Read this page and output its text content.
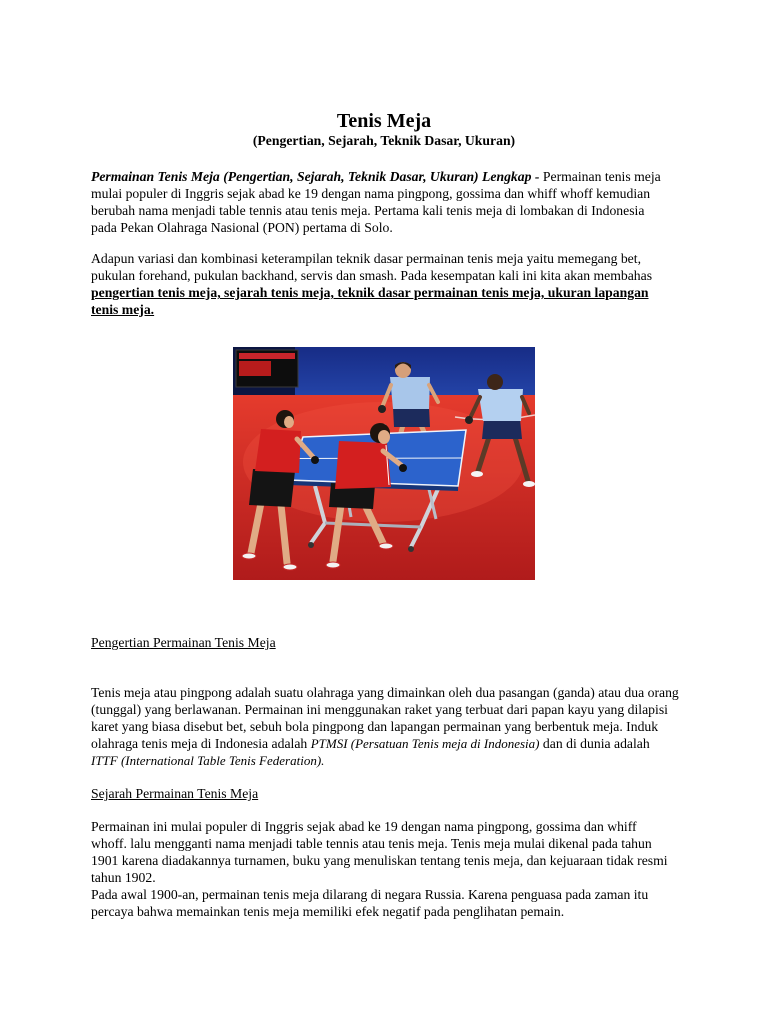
Tenis Meja
(Pengertian, Sejarah, Teknik Dasar, Ukuran)
Permainan Tenis Meja (Pengertian, Sejarah, Teknik Dasar, Ukuran) Lengkap - Permainan tenis meja
mulai populer di Inggris sejak abad ke 19 dengan nama pingpong, gossima dan whiff whoff kemudian
berubah nama menjadi table tennis atau tenis meja. Pertama kali tenis meja di lombakan di Indonesia
pada Pekan Olahraga Nasional (PON) pertama di Solo.
Adapun variasi dan kombinasi keterampilan teknik dasar permainan tenis meja yaitu memegang bet,
pukulan forehand, pukulan backhand, servis dan smash. Pada kesempatan kali ini kita akan membahas
pengertian tenis meja, sejarah tenis meja, teknik dasar permainan tenis meja, ukuran lapangan
tenis meja.
Pengertian Permainan Tenis Meja
Tenis meja atau pingpong adalah suatu olahraga yang dimainkan oleh dua pasangan (ganda) atau dua orang
(tunggal) yang berlawanan. Permainan ini menggunakan raket yang terbuat dari papan kayu yang dilapisi
karet yang biasa disebut bet, sebuh bola pingpong dan lapangan permainan yang berbentuk meja. Induk
olahraga tenis meja di Indonesia adalah PTMSI (Persatuan Tenis meja di Indonesia) dan di dunia adalah
ITTF (International Table Tenis Federation).
Sejarah Permainan Tenis Meja
Permainan ini mulai populer di Inggris sejak abad ke 19 dengan nama pingpong, gossima dan whiff
whoff. lalu mengganti nama menjadi table tennis atau tenis meja. Tenis meja mulai dikenal pada tahun
1901 karena diadakannya turnamen, buku yang menuliskan tentang tenis meja, dan kejuaraan tidak resmi
tahun 1902.
Pada awal 1900-an, permainan tenis meja dilarang di negara Russia. Karena penguasa pada zaman itu
percaya bahwa memainkan tenis meja memiliki efek negatif pada penglihatan pemain.
